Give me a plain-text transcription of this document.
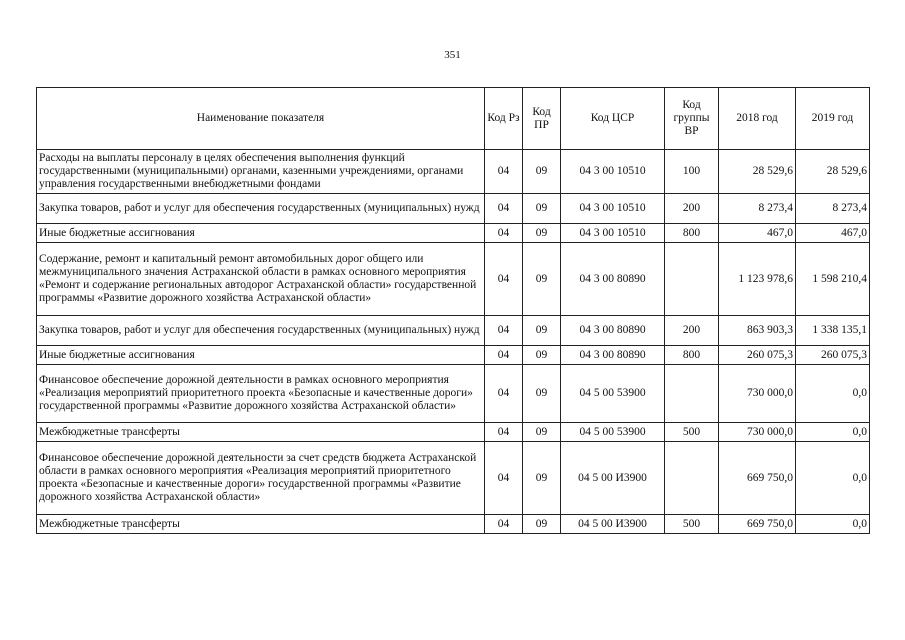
351
Наименование показателя	Код Рз	Код ПР	Код ЦСР	Код группы ВР	2018 год	2019 год
Расходы на выплаты персоналу в целях обеспечения выполнения функций государственными (муниципальными) органами, казенными учреждениями, органами управления государственными внебюджетными фондами	04	09	04 3 00 10510	100	28 529,6	28 529,6
Закупка товаров, работ и услуг для обеспечения государственных (муниципальных) нужд	04	09	04 3 00 10510	200	8 273,4	8 273,4
Иные бюджетные ассигнования	04	09	04 3 00 10510	800	467,0	467,0
Содержание, ремонт и капитальный ремонт автомобильных дорог общего или межмуниципального значения Астраханской области в рамках основного мероприятия «Ремонт и содержание региональных автодорог Астраханской области» государственной программы «Развитие дорожного хозяйства Астраханской области»	04	09	04 3 00 80890		1 123 978,6	1 598 210,4
Закупка товаров, работ и услуг для обеспечения государственных (муниципальных) нужд	04	09	04 3 00 80890	200	863 903,3	1 338 135,1
Иные бюджетные ассигнования	04	09	04 3 00 80890	800	260 075,3	260 075,3
Финансовое обеспечение дорожной деятельности в рамках основного мероприятия «Реализация мероприятий приоритетного проекта «Безопасные и качественные дороги» государственной программы «Развитие дорожного хозяйства Астраханской области»	04	09	04 5 00 53900		730 000,0	0,0
Межбюджетные трансферты	04	09	04 5 00 53900	500	730 000,0	0,0
Финансовое обеспечение дорожной деятельности за счет средств бюджета Астраханской области в рамках основного мероприятия «Реализация мероприятий приоритетного проекта «Безопасные и качественные дороги» государственной программы «Развитие дорожного хозяйства Астраханской области»	04	09	04 5 00 И3900		669 750,0	0,0
Межбюджетные трансферты	04	09	04 5 00 И3900	500	669 750,0	0,0
